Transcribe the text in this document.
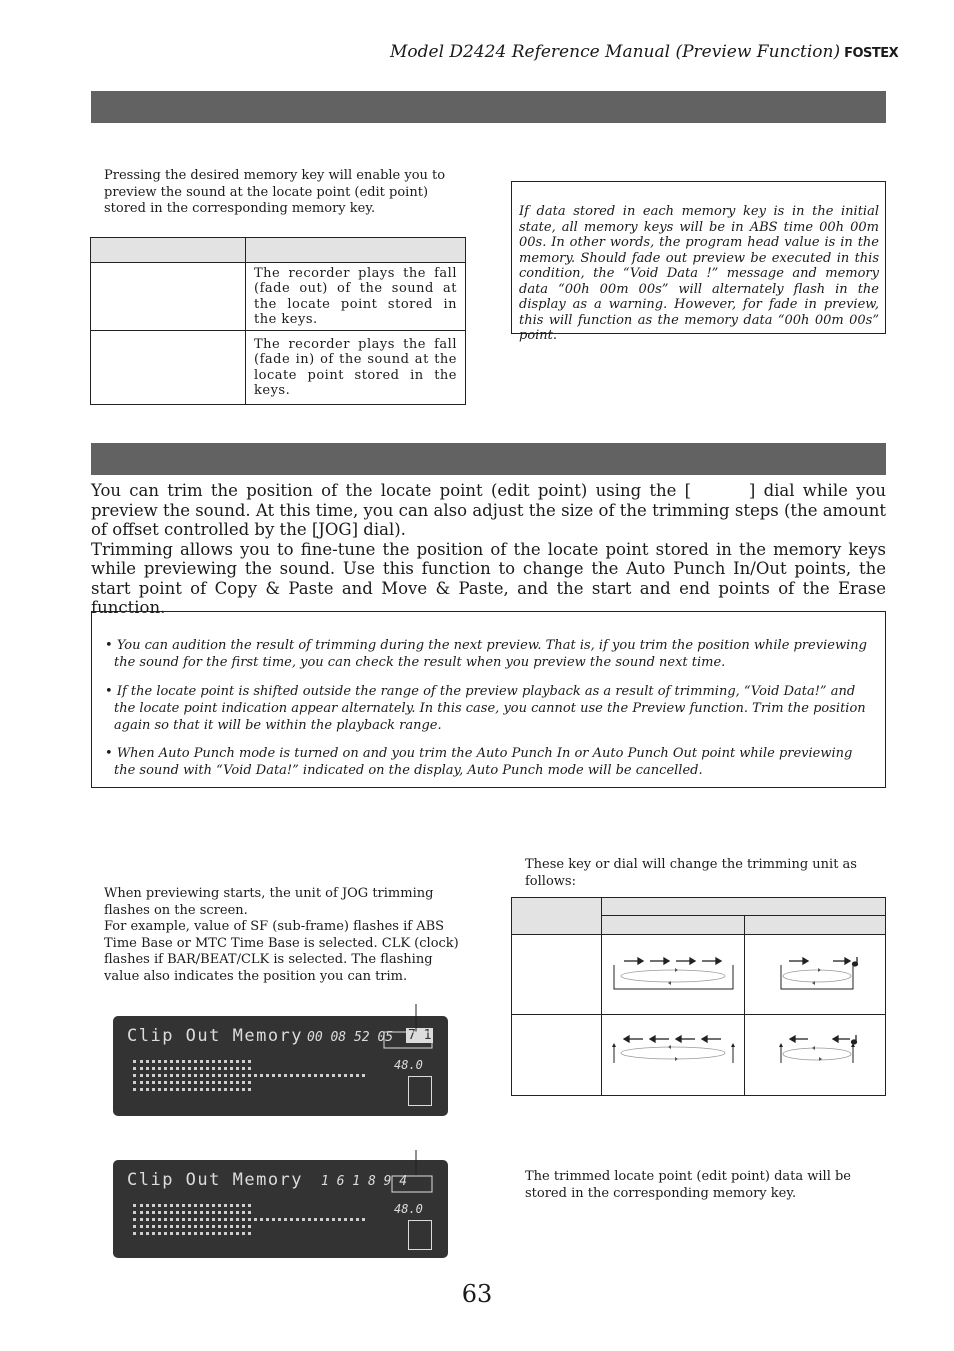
Model D2424 Reference Manual (Preview Function) FOSTEX
Pressing the desired memory key will enable you to preview the sound at the locate point (edit point) stored in the corresponding memory key.

	The recorder plays the fall (fade out) of the sound at the locate point stored in the keys.

	The recorder plays the fall (fade in) of the sound at the locate point stored in the keys.

If data stored in each memory key is in the initial state, all memory keys will be in ABS time 00h 00m 00s. In other words, the program head value is in the memory. Should fade out preview be executed in this condition, the “Void Data !” message and memory data “00h 00m 00s” will alternately flash in the display as a warning. However, for fade in preview, this will function as the memory data “00h 00m 00s” point.

You can trim the position of the locate point (edit point) using the [	] dial while you preview the sound. At this time, you can also adjust the size of the trimming steps (the amount of offset controlled by the [JOG] dial).

Trimming allows you to fine-tune the position of the locate point stored in the memory keys while previewing the sound. Use this function to change the Auto Punch In/Out points, the start point of Copy & Paste and Move & Paste, and the start and end points of the Erase function.

• You can audition the result of trimming during the next preview. That is, if you trim the position while previewing the sound for the first time, you can check the result when you preview the sound next time.
• If the locate point is shifted outside the range of the preview playback as a result of trimming, “Void Data!” and the locate point indication appear alternately. In this case, you cannot use the Preview function. Trim the position again so that it will be within the playback range.
• When Auto Punch mode is turned on and you trim the Auto Punch In or Auto Punch Out point while previewing the sound with “Void Data!” indicated on the display, Auto Punch mode will be cancelled.
When previewing starts, the unit of JOG trimming flashes on the screen.
For example, value of SF (sub-frame) flashes if ABS Time Base or MTC Time Base is selected. CLK (clock) flashes if BAR/BEAT/CLK is selected. The flashing value also indicates the position you can trim.
These key or dial will change the trimming unit as follows:

Clip Out Memory 00 08 52 05 7 1
48.0
Clip Out Memory 1 6 1 8 9 4
48.0
The trimmed locate point (edit point) data will be stored in the corresponding memory key.
63
